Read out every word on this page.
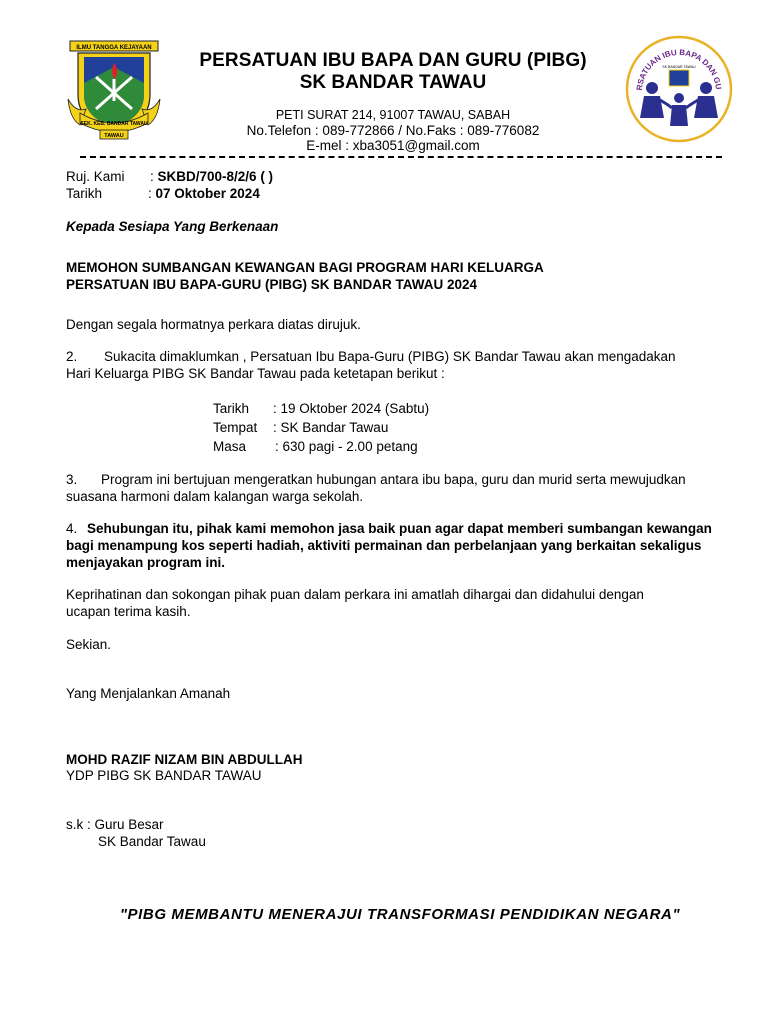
ILMU TANGGA KEJAYAAN
SEK. KEB. BANDAR TAWAU
TAWAU
PERSATUAN IBU BAPA DAN GURU (PIBG)
SK BANDAR TAWAU
PETI SURAT 214, 91007 TAWAU, SABAH
No.Telefon : 089-772866 / No.Faks : 089-776082
E-mel : xba3051@gmail.com
RSATUAN IBU BAPA DAN GU
SK BANDAR TAWAU
Ruj. Kami : SKBD/700-8/2/6 ( )
Tarikh	: 07 Oktober 2024
Kepada Sesiapa Yang Berkenaan
MEMOHON SUMBANGAN KEWANGAN BAGI PROGRAM HARI KELUARGA
PERSATUAN IBU BAPA-GURU (PIBG) SK BANDAR TAWAU 2024
Dengan segala hormatnya perkara diatas dirujuk.
2. Sukacita dimaklumkan , Persatuan Ibu Bapa-Guru (PIBG) SK Bandar Tawau akan mengadakan
Hari Keluarga PIBG SK Bandar Tawau pada ketetapan berikut :
Tarikh : 19 Oktober 2024 (Sabtu)
Tempat : SK Bandar Tawau
Masa : 630 pagi - 2.00 petang
3. Program ini bertujuan mengeratkan hubungan antara ibu bapa, guru dan murid serta mewujudkan
suasana harmoni dalam kalangan warga sekolah.
4. Sehubungan itu, pihak kami memohon jasa baik puan agar dapat memberi sumbangan kewangan
bagi menampung kos seperti hadiah, aktiviti permainan dan perbelanjaan yang berkaitan sekaligus
menjayakan program ini.
Keprihatinan dan sokongan pihak puan dalam perkara ini amatlah dihargai dan didahului dengan
ucapan terima kasih.
Sekian.
Yang Menjalankan Amanah
MOHD RAZIF NIZAM BIN ABDULLAH
YDP PIBG SK BANDAR TAWAU
s.k : Guru Besar
SK Bandar Tawau
"PIBG MEMBANTU MENERAJUI TRANSFORMASI PENDIDIKAN NEGARA"
